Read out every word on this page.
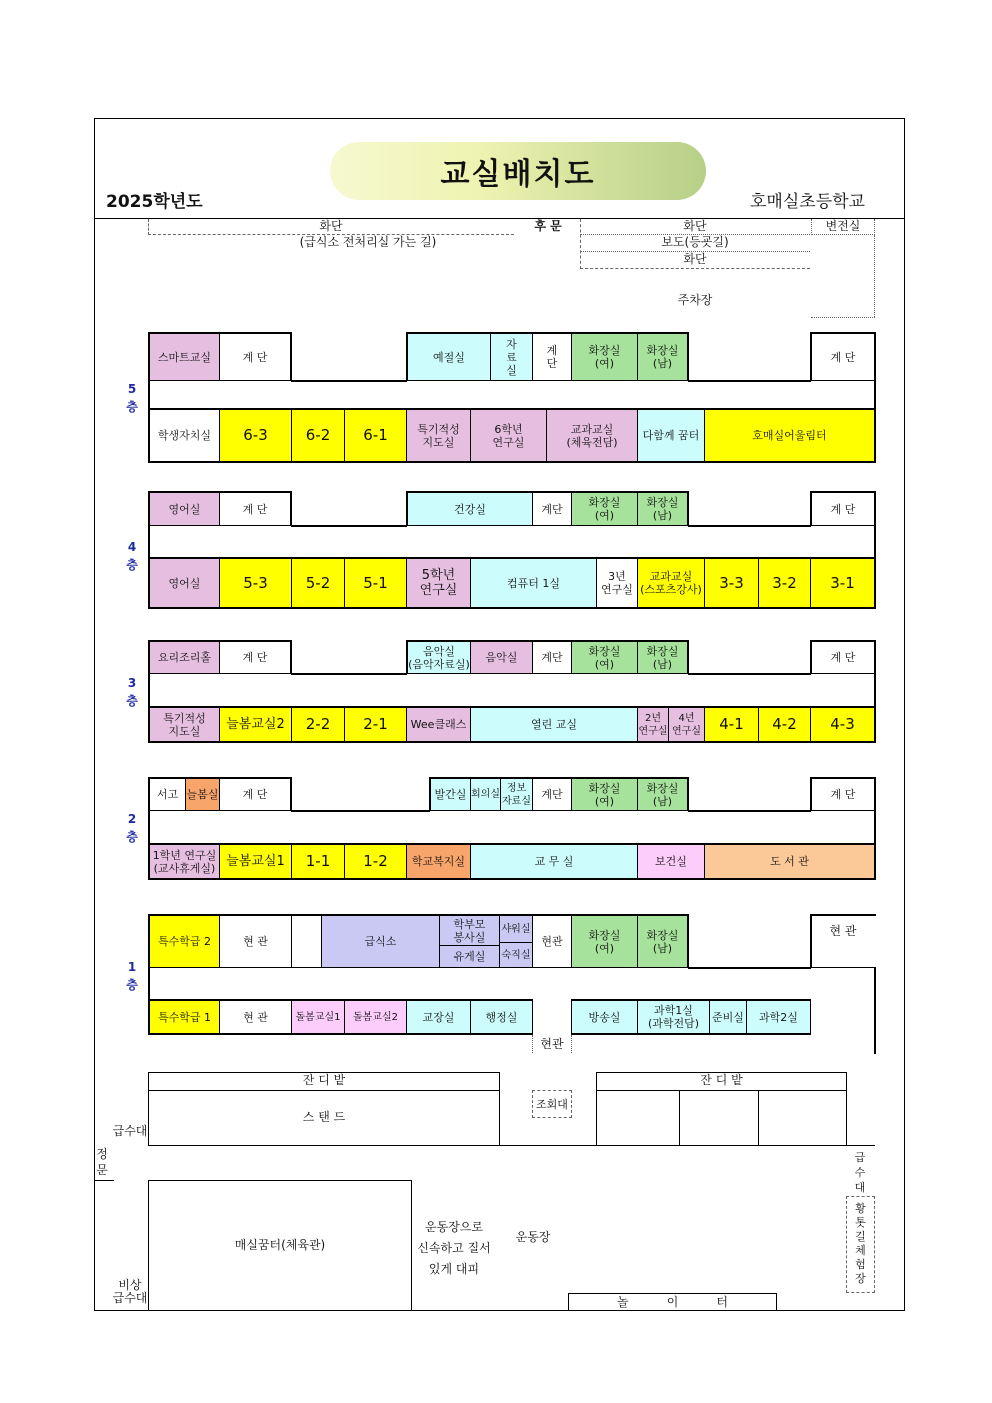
교실배치도
2025학년도	호매실초등학교
화단
(급식소 전처리실 가는 길)
후 문	화단
보도(등굣길)
화단
변전실
주차장
5
층
스마트교실	계 단	예절실
자료실
계단
화장실
(여)
화장실
(남)	계 단
학생자치실	6-3	6-2	6-1	특기적성
지도실
6학년
연구실
교과교실
(체육전담)	다함께 꿈터	호매실어울림터
4
층
영어실	계 단	건강실	계단	화장실
(여)
화장실
(남)	계 단
영어실	5-3	5-2	5-1	5학년
연구실	컴퓨터 1실	3년
연구실
교과교실
(스포츠강사)	3-3	3-2	3-1
3
층
요리조리홀	계 단	음악실
(음악자료실)	음악실	계단	화장실
(여)
화장실
(남)	계 단
특기적성
지도실	늘봄교실2	2-2	2-1	Wee클래스	열린 교실	2년
연구실
4년
연구실	4-1	4-2	4-3
2
층
서고 늘봄실	계 단	발간실 회의실
정보
자료실 계단	화장실
(여)
화장실
(남)	계 단
1학년 연구실
(교사휴게실) 늘봄교실1	1-1	1-2	학교복지실	교 무 실	보건실	도 서 관
1
층
특수학급 2	현 관	급식소
학부모
봉사실
유게실
샤워실
숙직실
현관	화장실
(여)
화장실
(남)
현 관
특수학급 1	현 관	돌봄교실1	돌봄교실2	교장실	행정실
현관
방송실	과학1실
(과학전담)	준비실	과학2실
잔 디 밭
스 탠 드
조회대
잔 디 밭
급수대
정
문
급
수
대
황
톳
길
체
험
장
매실꿈터(체육관)
운동장으로
신속하고 질서
있게 대피
운동장
비상
급수대	놀          이          터
